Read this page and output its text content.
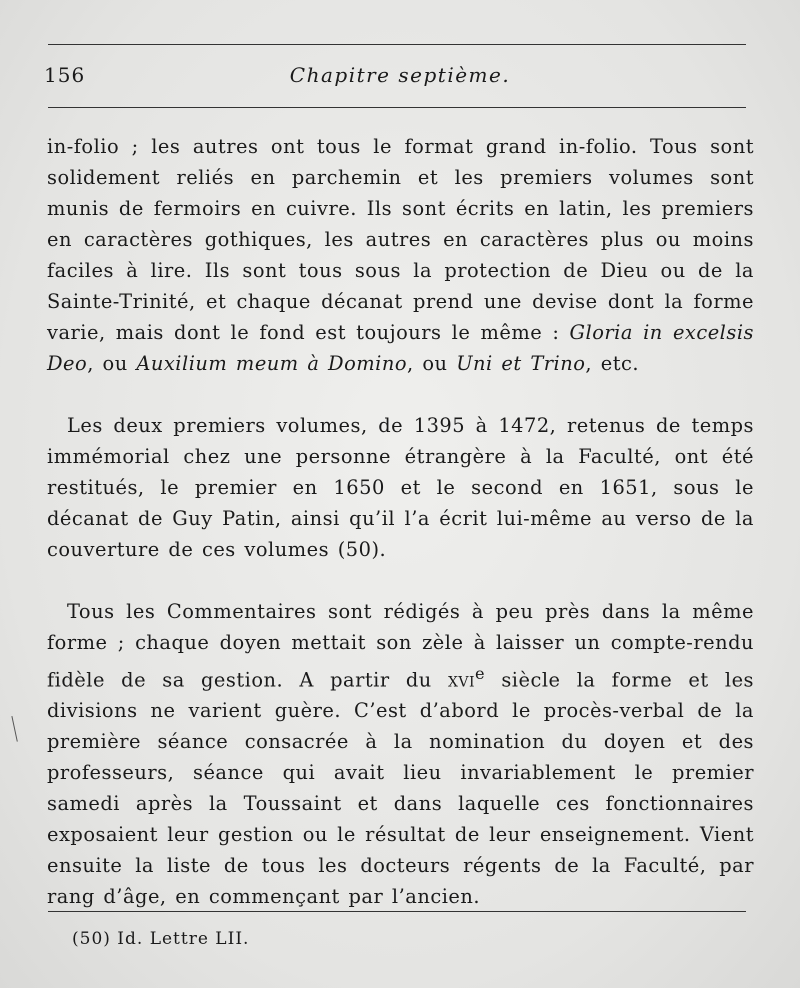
156	Chapitre septième.

in-folio ; les autres ont tous le format grand in-folio. Tous sont solidement reliés en parchemin et les premiers volumes sont munis de fermoirs en cuivre. Ils sont écrits en latin, les premiers en caractères gothiques, les autres en caractères plus ou moins faciles à lire. Ils sont tous sous la protection de Dieu ou de la Sainte-Trinité, et chaque décanat prend une devise dont la forme varie, mais dont le fond est toujours le même : Gloria in excelsis Deo, ou Auxilium meum à Domino, ou Uni et Trino, etc.

Les deux premiers volumes, de 1395 à 1472, retenus de temps immémorial chez une personne étrangère à la Faculté, ont été restitués, le premier en 1650 et le second en 1651, sous le décanat de Guy Patin, ainsi qu’il l’a écrit lui-même au verso de la couverture de ces volumes (50).

Tous les Commentaires sont rédigés à peu près dans la même forme ; chaque doyen mettait son zèle à laisser un compte-rendu fidèle de sa gestion. A partir du xvi$^e$ siècle la forme et les divisions ne varient guère. C’est d’abord le procès-verbal de la première séance consacrée à la nomination du doyen et des professeurs, séance qui avait lieu invariablement le premier samedi après la Toussaint et dans laquelle ces fonctionnaires exposaient leur gestion ou le résultat de leur enseignement. Vient ensuite la liste de tous les docteurs régents de la Faculté, par rang d’âge, en commençant par l’ancien.

(50) Id. Lettre LII.
